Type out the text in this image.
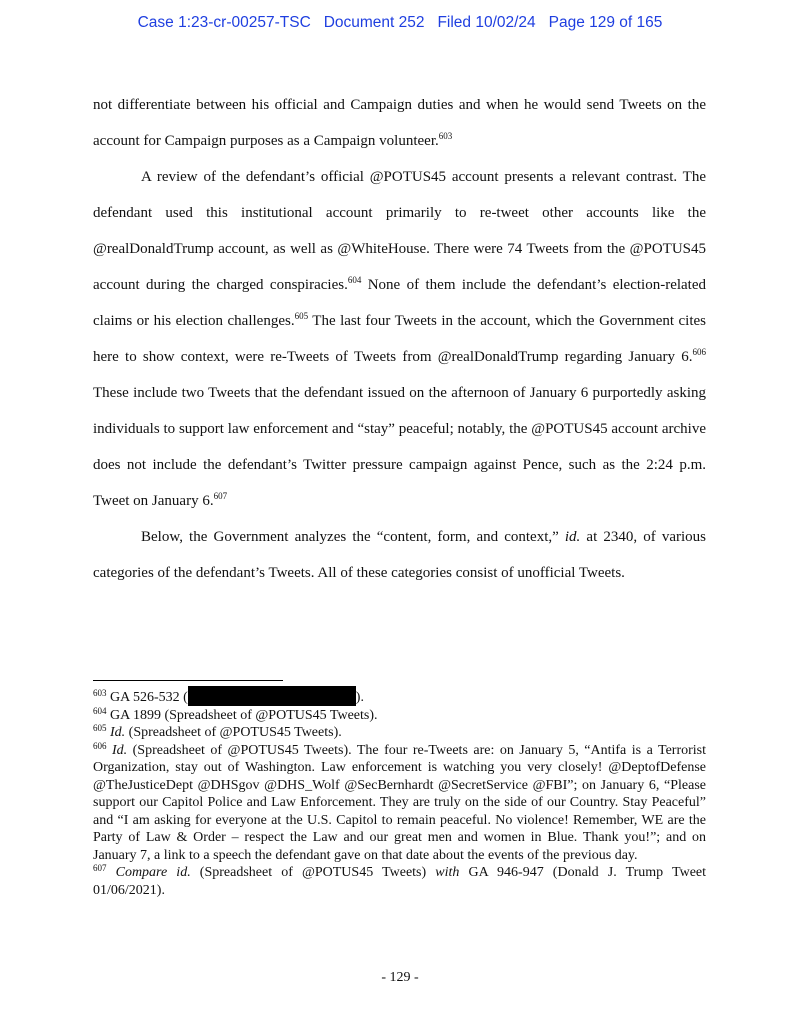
Case 1:23-cr-00257-TSC Document 252 Filed 10/02/24 Page 129 of 165

not differentiate between his official and Campaign duties and when he would send Tweets on the account for Campaign purposes as a Campaign volunteer.$^{603}$

A review of the defendant’s official @POTUS45 account presents a relevant contrast. The defendant used this institutional account primarily to re-tweet other accounts like the @realDonaldTrump account, as well as @WhiteHouse. There were 74 Tweets from the @POTUS45 account during the charged conspiracies.$^{604}$ None of them include the defendant’s election-related claims or his election challenges.$^{605}$ The last four Tweets in the account, which the Government cites here to show context, were re-Tweets of Tweets from @realDonaldTrump regarding January 6.$^{606}$ These include two Tweets that the defendant issued on the afternoon of January 6 purportedly asking individuals to support law enforcement and “stay” peaceful; notably, the @POTUS45 account archive does not include the defendant’s Twitter pressure campaign against Pence, such as the 2:24 p.m. Tweet on January 6.$^{607}$

Below, the Government analyzes the “content, form, and context,” id. at 2340, of various categories of the defendant’s Tweets. All of these categories consist of unofficial Tweets.

$^{603}$ GA 526-532 (	).

$^{604}$ GA 1899 (Spreadsheet of @POTUS45 Tweets).

$^{605}$ Id. (Spreadsheet of @POTUS45 Tweets).

$^{606}$ Id. (Spreadsheet of @POTUS45 Tweets). The four re-Tweets are: on January 5, “Antifa is a Terrorist Organization, stay out of Washington. Law enforcement is watching you very closely! @DeptofDefense @TheJusticeDept @DHSgov @DHS_Wolf @SecBernhardt @SecretService @FBI”; on January 6, “Please support our Capitol Police and Law Enforcement. They are truly on the side of our Country. Stay Peaceful” and “I am asking for everyone at the U.S. Capitol to remain peaceful. No violence! Remember, WE are the Party of Law & Order – respect the Law and our great men and women in Blue. Thank you!”; and on January 7, a link to a speech the defendant gave on that date about the events of the previous day.

$^{607}$ Compare id. (Spreadsheet of @POTUS45 Tweets) with GA 946-947 (Donald J. Trump Tweet 01/06/2021).

- 129 -
